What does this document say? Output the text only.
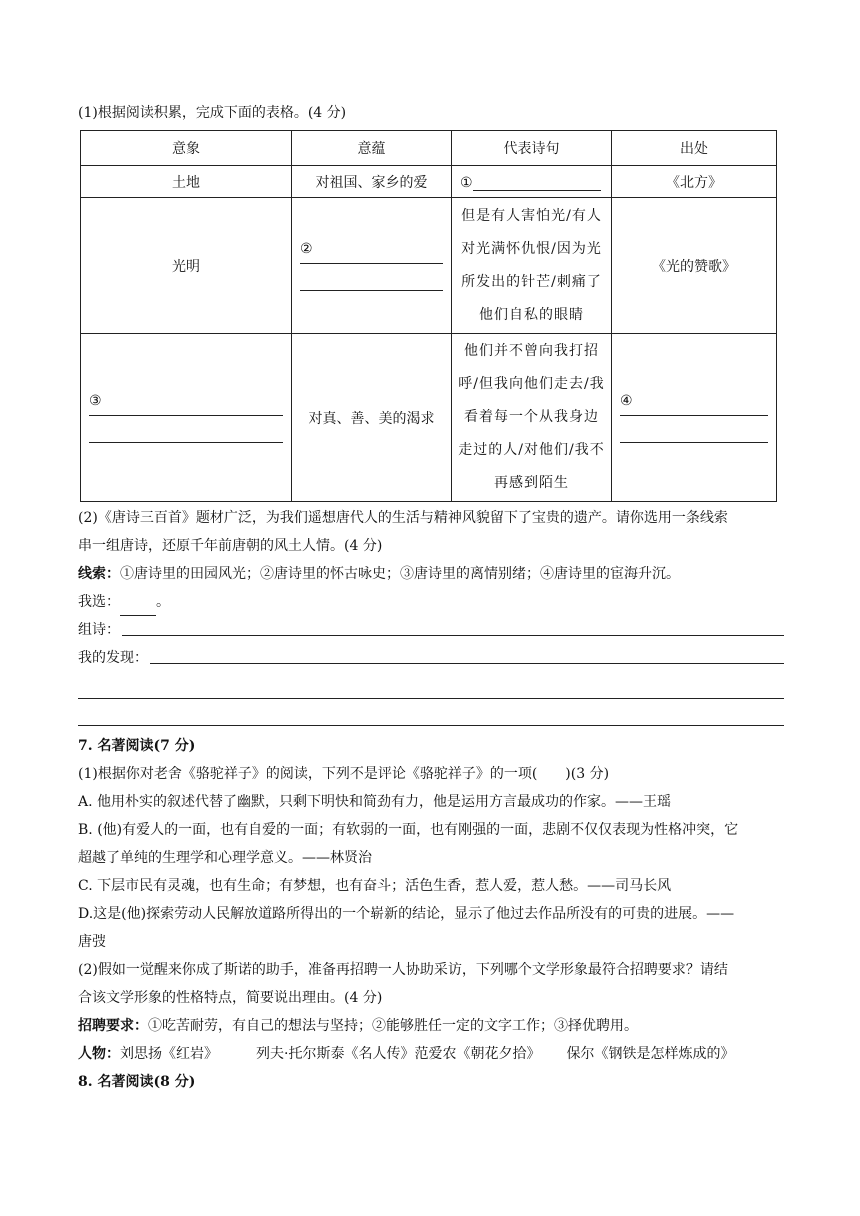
(1)根据阅读积累，完成下面的表格。(4 分)
意象	意蕴	代表诗句	出处
土地	对祖国、家乡的爱	①	《北方》
光明	②	但是有人害怕光/有人对光满怀仇恨/因为光所发出的针芒/刺痛了他们自私的眼睛	《光的赞歌》

③	对真、善、美的渴求	他们并不曾向我打招呼/但我向他们走去/我看着每一个从我身边走过的人/对他们/我不再感到陌生	④
(2)《唐诗三百首》题材广泛，为我们遥想唐代人的生活与精神风貌留下了宝贵的遗产。请你选用一条线索
串一组唐诗，还原千年前唐朝的风土人情。(4 分)
线索：①唐诗里的田园风光；②唐诗里的怀古咏史；③唐诗里的离情别绪；④唐诗里的宦海升沉。
我选：	。
组诗：
我的发现：
7. 名著阅读(7 分)
(1)根据你对老舍《骆驼祥子》的阅读，下列不是评论《骆驼祥子》的一项(　　)(3 分)
A. 他用朴实的叙述代替了幽默，只剩下明快和简劲有力，他是运用方言最成功的作家。——王瑶
B. (他)有爱人的一面，也有自爱的一面；有软弱的一面，也有刚强的一面，悲剧不仅仅表现为性格冲突，它
超越了单纯的生理学和心理学意义。——林贤治
C. 下层市民有灵魂，也有生命；有梦想，也有奋斗；活色生香，惹人爱，惹人愁。——司马长风
D.这是(他)探索劳动人民解放道路所得出的一个崭新的结论，显示了他过去作品所没有的可贵的进展。——
唐弢
(2)假如一觉醒来你成了斯诺的助手，准备再招聘一人协助采访，下列哪个文学形象最符合招聘要求？请结
合该文学形象的性格特点，简要说出理由。(4 分)
招聘要求：①吃苦耐劳，有自己的想法与坚持；②能够胜任一定的文字工作；③择优聘用。
人物：刘思扬《红岩》	列夫·托尔斯泰《名人传》范爱农《朝花夕拾》 保尔《钢铁是怎样炼成的》
8. 名著阅读(8 分)
